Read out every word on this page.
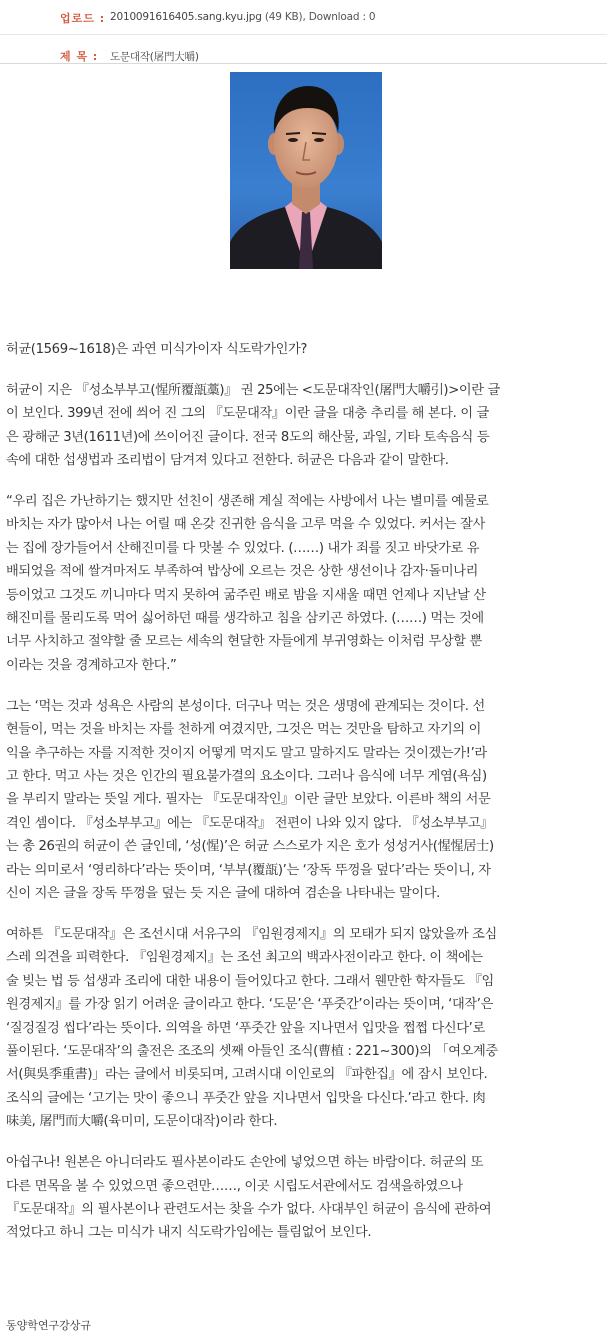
업로드 : 2010091616405.sang.kyu.jpg (49 KB), Download : 0
제 목 : 도문대작(屠門大嚼)

허균(1569~1618)은 과연 미식가이자 식도락가인가?

허균이 지은 『성소부부고(惺所覆瓿藁)』 권 25에는 <도문대작인(屠門大嚼引)>이란 글
이 보인다. 399년 전에 씌어 진 그의 『도문대작』이란 글을 대충 추리를 해 본다. 이 글
은 광해군 3년(1611년)에 쓰이어진 글이다. 전국 8도의 해산물, 과일, 기타 토속음식 등
속에 대한 섭생법과 조리법이 담겨져 있다고 전한다. 허균은 다음과 같이 말한다.

“우리 집은 가난하기는 했지만 선친이 생존해 계실 적에는 사방에서 나는 별미를 예물로
바치는 자가 많아서 나는 어릴 때 온갖 진귀한 음식을 고루 먹을 수 있었다. 커서는 잘사
는 집에 장가들어서 산해진미를 다 맛볼 수 있었다. (……) 내가 죄를 짓고 바닷가로 유
배되었을 적에 쌀겨마저도 부족하여 밥상에 오르는 것은 상한 생선이나 감자·돌미나리
등이었고 그것도 끼니마다 먹지 못하여 굶주린 배로 밤을 지새울 때면 언제나 지난날 산
해진미를 물리도록 먹어 싫어하던 때를 생각하고 침을 삼키곤 하였다. (……) 먹는 것에
너무 사치하고 절약할 줄 모르는 세속의 현달한 자들에게 부귀영화는 이처럼 무상할 뿐
이라는 것을 경계하고자 한다.”

그는 ‘먹는 것과 성욕은 사람의 본성이다. 더구나 먹는 것은 생명에 관계되는 것이다. 선
현들이, 먹는 것을 바치는 자를 천하게 여겼지만, 그것은 먹는 것만을 탐하고 자기의 이
익을 추구하는 자를 지적한 것이지 어떻게 먹지도 말고 말하지도 말라는 것이겠는가!’라
고 한다. 먹고 사는 것은 인간의 필요불가결의 요소이다. 그러나 음식에 너무 게염(욕심)
을 부리지 말라는 뜻일 게다. 필자는 『도문대작인』이란 글만 보았다. 이른바 책의 서문
격인 셈이다. 『성소부부고』에는 『도문대작』 전편이 나와 있지 않다. 『성소부부고』
는 총 26권의 허균이 쓴 글인데, ‘성(惺)’은 허균 스스로가 지은 호가 성성거사(惺惺居士)
라는 의미로서 ‘영리하다’라는 뜻이며, ‘부부(覆瓿)’는 ‘장독 뚜껑을 덮다’라는 뜻이니, 자
신이 지은 글을 장독 뚜껑을 덮는 듯 지은 글에 대하여 겸손을 나타내는 말이다.

여하튼 『도문대작』은 조선시대 서유구의 『임원경제지』의 모태가 되지 않았을까 조심
스레 의견을 피력한다. 『임원경제지』는 조선 최고의 백과사전이라고 한다. 이 책에는
술 빚는 법 등 섭생과 조리에 대한 내용이 들어있다고 한다. 그래서 웬만한 학자들도 『임
원경제지』를 가장 읽기 어려운 글이라고 한다. ‘도문’은 ‘푸줏간’이라는 뜻이며, ‘대작’은
‘질겅질겅 씹다’라는 뜻이다. 의역을 하면 ‘푸줏간 앞을 지나면서 입맛을 쩝쩝 다신다’로
풀이된다. ‘도문대작’의 출전은 조조의 셋째 아들인 조식(曹植 : 221~300)의 「여오계중
서(與吳季重書)」라는 글에서 비롯되며, 고려시대 이인로의 『파한집』에 잠시 보인다.
조식의 글에는 ‘고기는 맛이 좋으니 푸줏간 앞을 지나면서 입맛을 다신다.’라고 한다. 肉
味美, 屠門而大嚼(육미미, 도문이대작)이라 한다.

아쉽구나! 원본은 아니더라도 필사본이라도 손안에 넣었으면 하는 바람이다. 허균의 또
다른 면목을 볼 수 있었으면 좋으련만……, 이곳 시립도서관에서도 검색을하였으나
『도문대작』의 필사본이나 관련도서는 찾을 수가 없다. 사대부인 허균이 음식에 관하여
적었다고 하니 그는 미식가 내지 식도락가임에는 틀림없어 보인다.

동양학연구강상규
